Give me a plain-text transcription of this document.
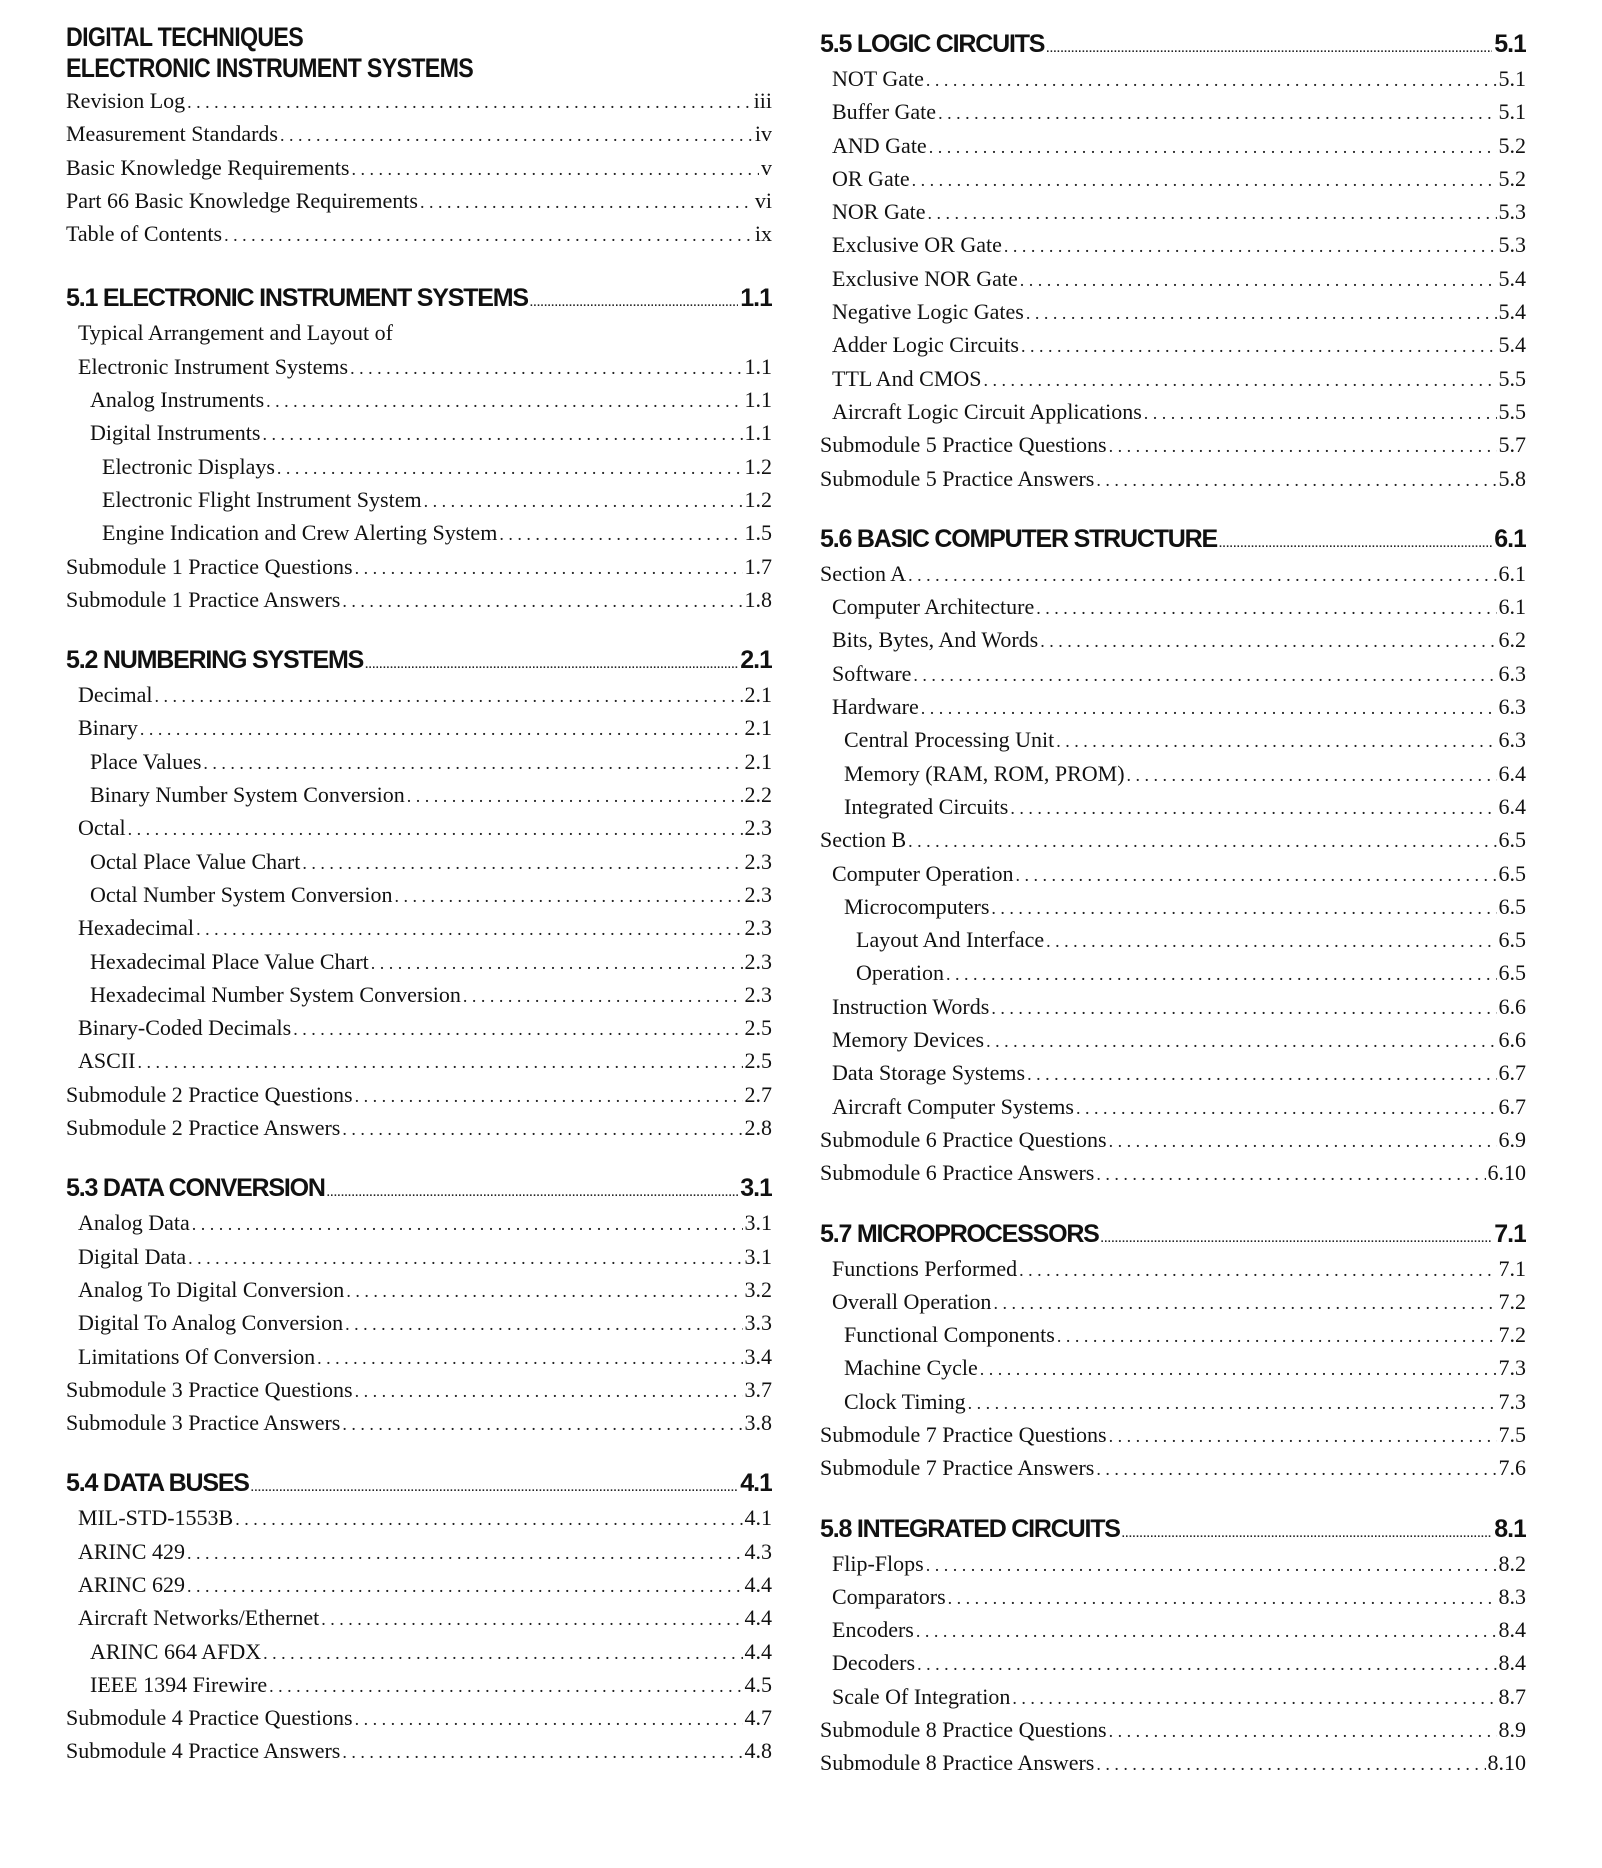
DIGITAL TECHNIQUES
ELECTRONIC INSTRUMENT SYSTEMS
Revision Log . . .	iii
Measurement Standards . . .	iv
Basic Knowledge Requirements . . .	v
Part 66 Basic Knowledge Requirements . . .	vi
Table of Contents . . .	ix
5.1 ELECTRONIC INSTRUMENT SYSTEMS .....	1.1
Typical Arrangement and Layout of
Electronic Instrument Systems . . .	1.1
Analog Instruments . . .	1.1
Digital Instruments . . .	1.1
Electronic Displays . . .	1.2
Electronic Flight Instrument System . . .	1.2
Engine Indication and Crew Alerting System . . .	1.5
Submodule 1 Practice Questions . . .	1.7
Submodule 1 Practice Answers . . .	1.8
5.2 NUMBERING SYSTEMS .....	2.1
Decimal . . .	2.1
Binary . . .	2.1
Place Values . . .	2.1
Binary Number System Conversion . . .	2.2
Octal . . .	2.3
Octal Place Value Chart . . .	2.3
Octal Number System Conversion . . .	2.3
Hexadecimal . . .	2.3
Hexadecimal Place Value Chart . . .	2.3
Hexadecimal Number System Conversion . . .	2.3
Binary-Coded Decimals . . .	2.5
ASCII . . .	2.5
Submodule 2 Practice Questions . . .	2.7
Submodule 2 Practice Answers . . .	2.8
5.3 DATA CONVERSION .....	3.1
Analog Data . . .	3.1
Digital Data . . .	3.1
Analog To Digital Conversion . . .	3.2
Digital To Analog Conversion . . .	3.3
Limitations Of Conversion . . .	3.4
Submodule 3 Practice Questions . . .	3.7
Submodule 3 Practice Answers . . .	3.8
5.4 DATA BUSES .....	4.1
MIL-STD-1553B . . .	4.1
ARINC 429 . . .	4.3
ARINC 629 . . .	4.4
Aircraft Networks/Ethernet . . .	4.4
ARINC 664 AFDX . . .	4.4
IEEE 1394 Firewire . . .	4.5
Submodule 4 Practice Questions . . .	4.7
Submodule 4 Practice Answers . . .	4.8
5.5 LOGIC CIRCUITS .....	5.1
NOT Gate . . .	5.1
Buffer Gate . . .	5.1
AND Gate . . .	5.2
OR Gate . . .	5.2
NOR Gate . . .	5.3
Exclusive OR Gate . . .	5.3
Exclusive NOR Gate . . .	5.4
Negative Logic Gates . . .	5.4
Adder Logic Circuits . . .	5.4
TTL And CMOS . . .	5.5
Aircraft Logic Circuit Applications . . .	5.5
Submodule 5 Practice Questions . . .	5.7
Submodule 5 Practice Answers . . .	5.8
5.6 BASIC COMPUTER STRUCTURE .....	6.1
Section A . . .	6.1
Computer Architecture . . .	6.1
Bits, Bytes, And Words . . .	6.2
Software . . .	6.3
Hardware . . .	6.3
Central Processing Unit . . .	6.3
Memory (RAM, ROM, PROM) . . .	6.4
Integrated Circuits . . .	6.4
Section B . . .	6.5
Computer Operation . . .	6.5
Microcomputers . . .	6.5
Layout And Interface . . .	6.5
Operation . . .	6.5
Instruction Words . . .	6.6
Memory Devices . . .	6.6
Data Storage Systems . . .	6.7
Aircraft Computer Systems . . .	6.7
Submodule 6 Practice Questions . . .	6.9
Submodule 6 Practice Answers . . .	6.10
5.7 MICROPROCESSORS .....	7.1
Functions Performed . . .	7.1
Overall Operation . . .	7.2
Functional Components . . .	7.2
Machine Cycle . . .	7.3
Clock Timing . . .	7.3
Submodule 7 Practice Questions . . .	7.5
Submodule 7 Practice Answers . . .	7.6
5.8 INTEGRATED CIRCUITS .....	8.1
Flip-Flops . . .	8.2
Comparators . . .	8.3
Encoders . . .	8.4
Decoders . . .	8.4
Scale Of Integration . . .	8.7
Submodule 8 Practice Questions . . .	8.9
Submodule 8 Practice Answers . . .	8.10
